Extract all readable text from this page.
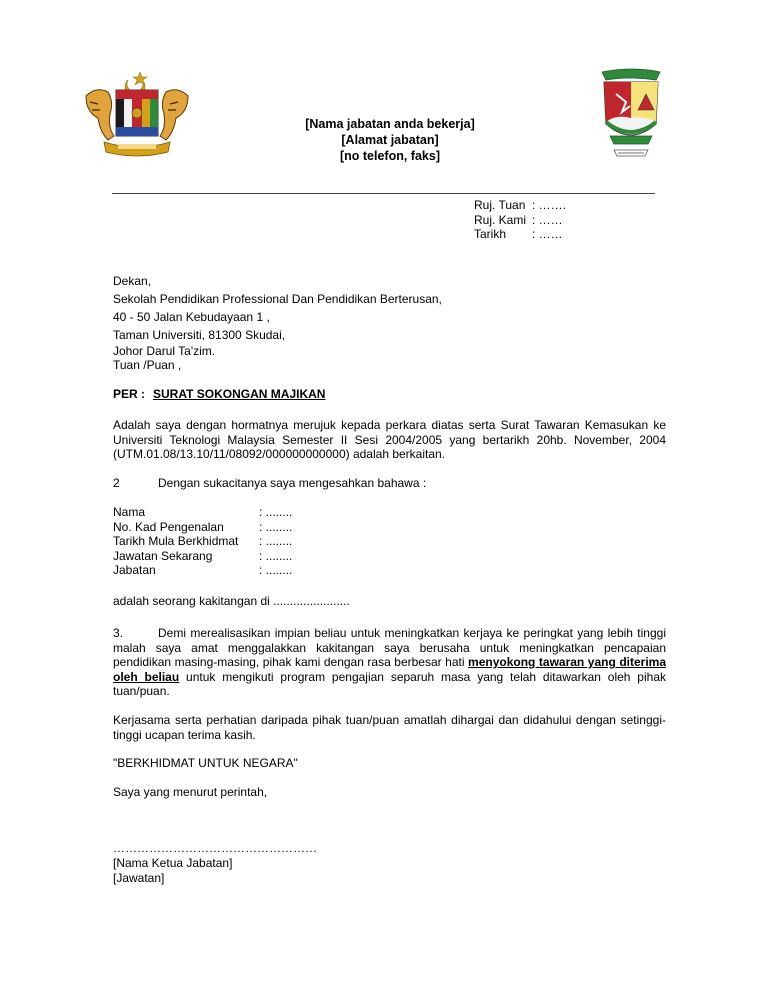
[Nama jabatan anda bekerja]
[Alamat jabatan]
[no telefon, faks]
Ruj. Tuan : …….
Ruj. Kami : ……
Tarikh : ……
Dekan,
Sekolah Pendidikan Professional Dan Pendidikan Berterusan,
40 - 50 Jalan Kebudayaan 1 ,
Taman Universiti, 81300 Skudai,
Johor Darul Ta'zim.
Tuan /Puan ,
PER : SURAT SOKONGAN MAJIKAN
Adalah saya dengan hormatnya merujuk kepada perkara diatas serta Surat Tawaran Kemasukan ke Universiti Teknologi Malaysia Semester II Sesi 2004/2005 yang bertarikh 20hb. November, 2004 (UTM.01.08/13.10/11/08092/000000000000) adalah berkaitan.
2	Dengan sukacitanya saya mengesahkan bahawa :
Nama	: ........
No. Kad Pengenalan	: ........
Tarikh Mula Berkhidmat : ........
Jawatan Sekarang	: ........
Jabatan	: ........
adalah seorang kakitangan di .......................
3.	Demi merealisasikan impian beliau untuk meningkatkan kerjaya ke peringkat yang lebih tinggi malah saya amat menggalakkan kakitangan saya berusaha untuk meningkatkan pencapaian pendidikan masing-masing, pihak kami dengan rasa berbesar hati menyokong tawaran yang diterima oleh beliau untuk mengikuti program pengajian separuh masa yang telah ditawarkan oleh pihak tuan/puan.
Kerjasama serta perhatian daripada pihak tuan/puan amatlah dihargai dan didahului dengan setinggi-tinggi ucapan terima kasih.
"BERKHIDMAT UNTUK NEGARA"
Saya yang menurut perintah,
……………………………………………
[Nama Ketua Jabatan]
[Jawatan]
